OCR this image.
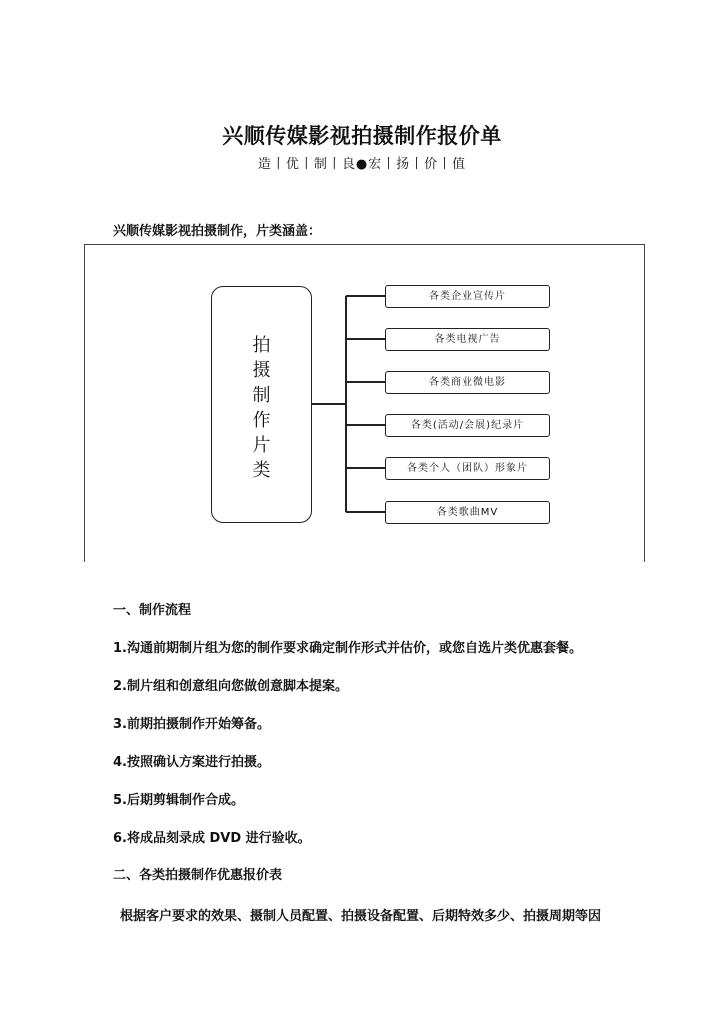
兴顺传媒影视拍摄制作报价单
造丨优丨制丨良●宏丨扬丨价丨值
兴顺传媒影视拍摄制作，片类涵盖：
拍
摄
制
作
片
类
各类企业宣传片
各类电视广告
各类商业微电影
各类(活动/会展)纪录片
各类个人（团队）形象片
各类歌曲MV
一、制作流程
1.沟通前期制片组为您的制作要求确定制作形式并估价，或您自选片类优惠套餐。
2.制片组和创意组向您做创意脚本提案。
3.前期拍摄制作开始筹备。
4.按照确认方案进行拍摄。
5.后期剪辑制作合成。
6.将成品刻录成 DVD 进行验收。
二、各类拍摄制作优惠报价表
根据客户要求的效果、摄制人员配置、拍摄设备配置、后期特效多少、拍摄周期等因
